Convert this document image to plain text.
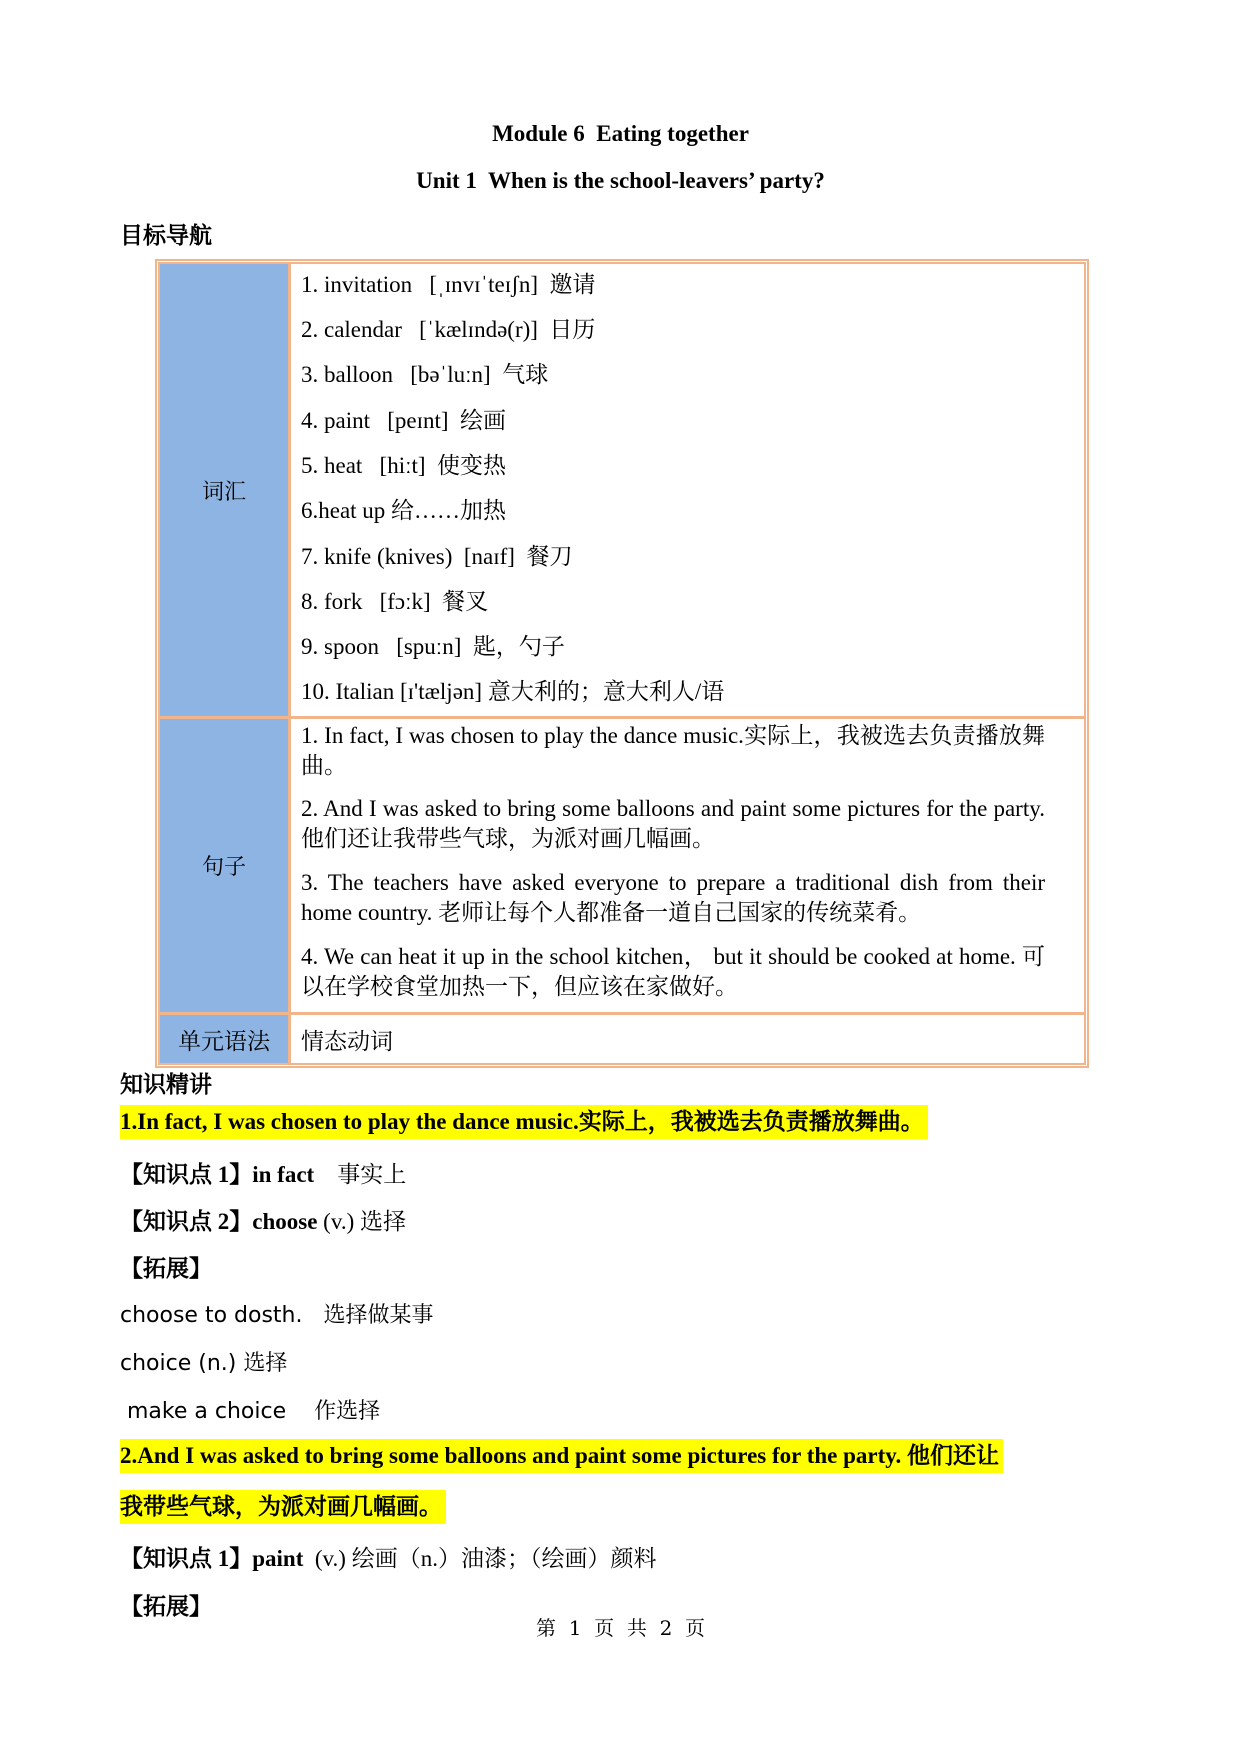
Module 6  Eating together
Unit 1  When is the school-leavers’ party?
目标导航
词汇
1. invitation   [ˌɪnvɪˈteɪʃn]  邀请
2. calendar   [ˈkælɪndə(r)]  日历
3. balloon   [bəˈluːn]  气球
4. paint   [peɪnt]  绘画
5. heat   [hiːt]  使变热
6.heat up 给……加热
7. knife (knives)  [naɪf]  餐刀
8. fork   [fɔːk]  餐叉
9. spoon   [spuːn]  匙，勺子
10. Italian [ɪ'tæljən] 意大利的；意大利人/语
句子
1. In fact, I was chosen to play the dance music.实际上，我被选去负责播放舞曲。
2. And I was asked to bring some balloons and paint some pictures for the party. 他们还让我带些气球，为派对画几幅画。
3. The teachers have asked everyone to prepare a traditional dish from their home country. 老师让每个人都准备一道自己国家的传统菜肴。
4. We can heat it up in the school kitchen， but it should be cooked at home. 可以在学校食堂加热一下，但应该在家做好。
单元语法 情态动词
知识精讲
1.In fact, I was chosen to play the dance music.实际上，我被选去负责播放舞曲。
【知识点 1】in fact    事实上
【知识点 2】choose (v.) 选择
【拓展】
choose to dosth.   选择做某事
choice (n.) 选择
make a choice    作选择
2.And I was asked to bring some balloons and paint some pictures for the party. 他们还让
我带些气球，为派对画几幅画。
【知识点 1】paint  (v.) 绘画（n.）油漆；（绘画）颜料
【拓展】
第  1  页  共  2  页
